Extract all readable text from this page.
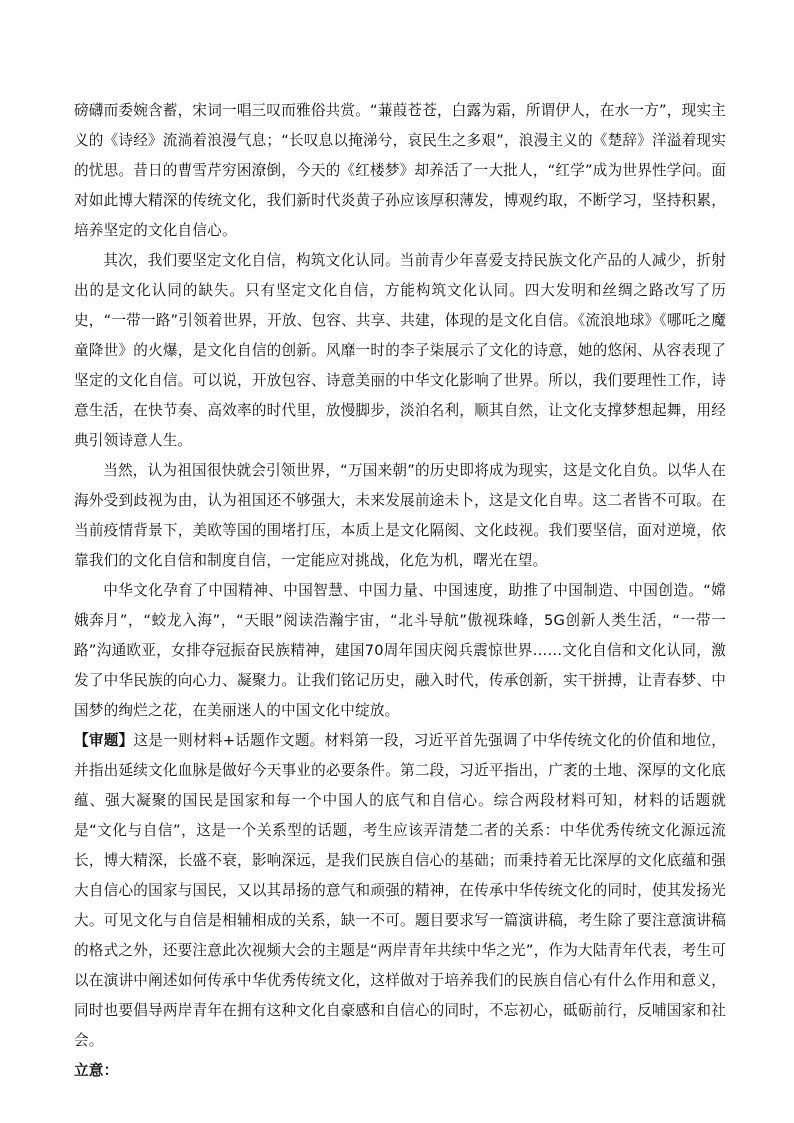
磅礴而委婉含蓄，宋词一唱三叹而雅俗共赏。“蒹葭苍苍，白露为霜，所谓伊人，在水一方”，现实主义的《诗经》流淌着浪漫气息；“长叹息以掩涕兮，哀民生之多艰”，浪漫主义的《楚辞》洋溢着现实的忧思。昔日的曹雪芹穷困潦倒，今天的《红楼梦》却养活了一大批人，“红学”成为世界性学问。面对如此博大精深的传统文化，我们新时代炎黄子孙应该厚积薄发，博观约取，不断学习，坚持积累，培养坚定的文化自信心。

其次，我们要坚定文化自信，构筑文化认同。当前青少年喜爱支持民族文化产品的人减少，折射出的是文化认同的缺失。只有坚定文化自信，方能构筑文化认同。四大发明和丝绸之路改写了历史，“一带一路”引领着世界，开放、包容、共享、共建，体现的是文化自信。《流浪地球》《哪吒之魔童降世》的火爆，是文化自信的创新。风靡一时的李子柒展示了文化的诗意，她的悠闲、从容表现了坚定的文化自信。可以说，开放包容、诗意美丽的中华文化影响了世界。所以，我们要理性工作，诗意生活，在快节奏、高效率的时代里，放慢脚步，淡泊名利，顺其自然，让文化支撑梦想起舞，用经典引领诗意人生。

当然，认为祖国很快就会引领世界，“万国来朝”的历史即将成为现实，这是文化自负。以华人在海外受到歧视为由，认为祖国还不够强大，未来发展前途未卜，这是文化自卑。这二者皆不可取。在当前疫情背景下，美欧等国的围堵打压，本质上是文化隔阂、文化歧视。我们要坚信，面对逆境，依靠我们的文化自信和制度自信，一定能应对挑战，化危为机，曙光在望。

中华文化孕育了中国精神、中国智慧、中国力量、中国速度，助推了中国制造、中国创造。“嫦娥奔月”，“蛟龙入海”，“天眼”阅读浩瀚宇宙，“北斗导航”傲视珠峰，5G创新人类生活，“一带一路”沟通欧亚，女排夺冠振奋民族精神，建国70周年国庆阅兵震惊世界……文化自信和文化认同，激发了中华民族的向心力、凝聚力。让我们铭记历史，融入时代，传承创新，实干拼搏，让青春梦、中国梦的绚烂之花，在美丽迷人的中国文化中绽放。

【审题】这是一则材料+话题作文题。材料第一段，习近平首先强调了中华传统文化的价值和地位，并指出延续文化血脉是做好今天事业的必要条件。第二段，习近平指出，广袤的土地、深厚的文化底蕴、强大凝聚的国民是国家和每一个中国人的底气和自信心。综合两段材料可知，材料的话题就是“文化与自信”，这是一个关系型的话题，考生应该弄清楚二者的关系：中华优秀传统文化源远流长，博大精深，长盛不衰，影响深远，是我们民族自信心的基础；而秉持着无比深厚的文化底蕴和强大自信心的国家与国民，又以其昂扬的意气和顽强的精神，在传承中华传统文化的同时，使其发扬光大。可见文化与自信是相辅相成的关系，缺一不可。题目要求写一篇演讲稿，考生除了要注意演讲稿的格式之外，还要注意此次视频大会的主题是“两岸青年共续中华之光”，作为大陆青年代表，考生可以在演讲中阐述如何传承中华优秀传统文化，这样做对于培养我们的民族自信心有什么作用和意义，同时也要倡导两岸青年在拥有这种文化自豪感和自信心的同时，不忘初心，砥砺前行，反哺国家和社会。

立意：
